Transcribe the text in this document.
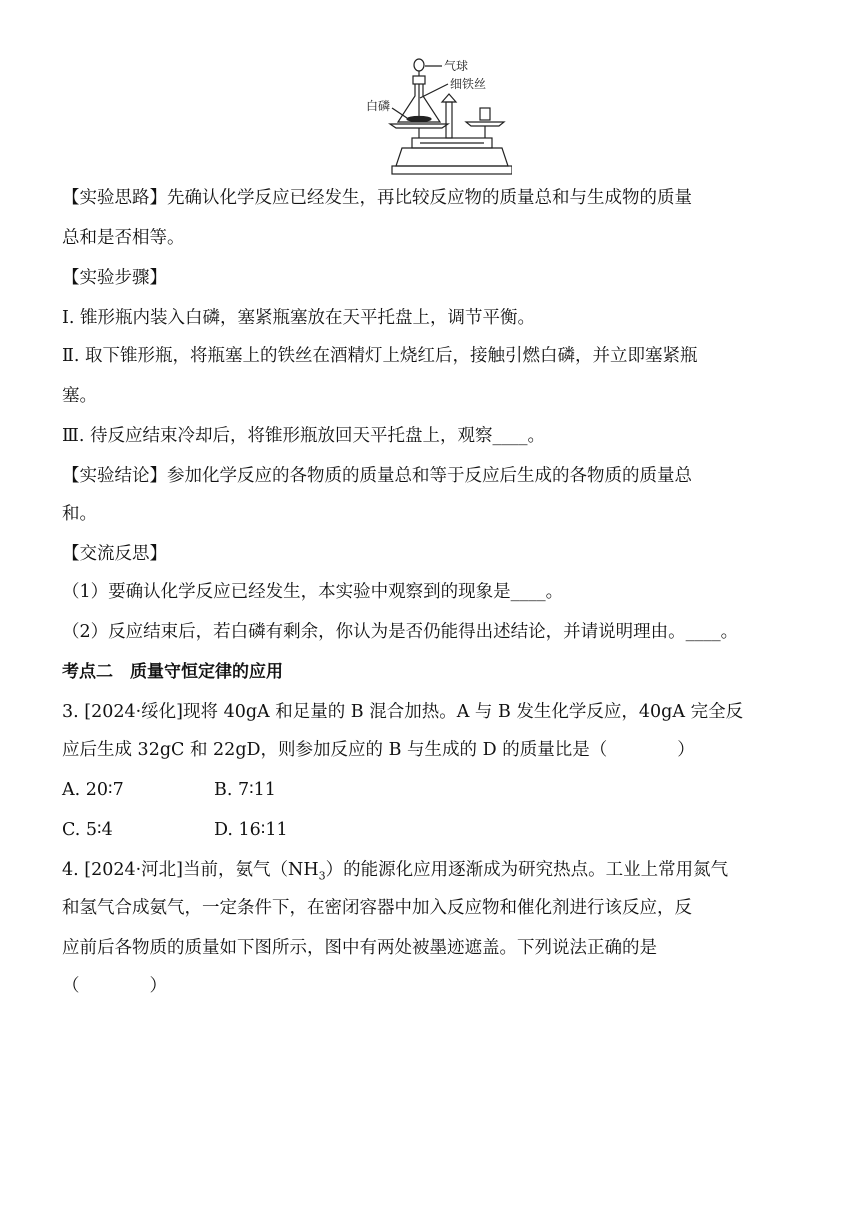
气球
细铁丝
白磷
【实验思路】先确认化学反应已经发生，再比较反应物的质量总和与生成物的质量
总和是否相等。
【实验步骤】
Ⅰ. 锥形瓶内装入白磷，塞紧瓶塞放在天平托盘上，调节平衡。
Ⅱ. 取下锥形瓶，将瓶塞上的铁丝在酒精灯上烧红后，接触引燃白磷，并立即塞紧瓶
塞。
Ⅲ. 待反应结束冷却后，将锥形瓶放回天平托盘上，观察____。
【实验结论】参加化学反应的各物质的质量总和等于反应后生成的各物质的质量总
和。
【交流反思】
（1）要确认化学反应已经发生，本实验中观察到的现象是____。
（2）反应结束后，若白磷有剩余，你认为是否仍能得出述结论，并请说明理由。____。
考点二　质量守恒定律的应用
3. [2024·绥化]现将 40gA 和足量的 B 混合加热。A 与 B 发生化学反应，40gA 完全反
应后生成 32gC 和 22gD，则参加反应的 B 与生成的 D 的质量比是（　　　　）
A. 20∶7	B. 7∶11
C. 5∶4	D. 16∶11
4. [2024·河北]当前，氨气$(NH_3)$的能源化应用逐渐成为研究热点。工业上常用氮气
和氢气合成氨气，一定条件下，在密闭容器中加入反应物和催化剂进行该反应，反
应前后各物质的质量如下图所示，图中有两处被墨迹遮盖。下列说法正确的是
（　　　　）
